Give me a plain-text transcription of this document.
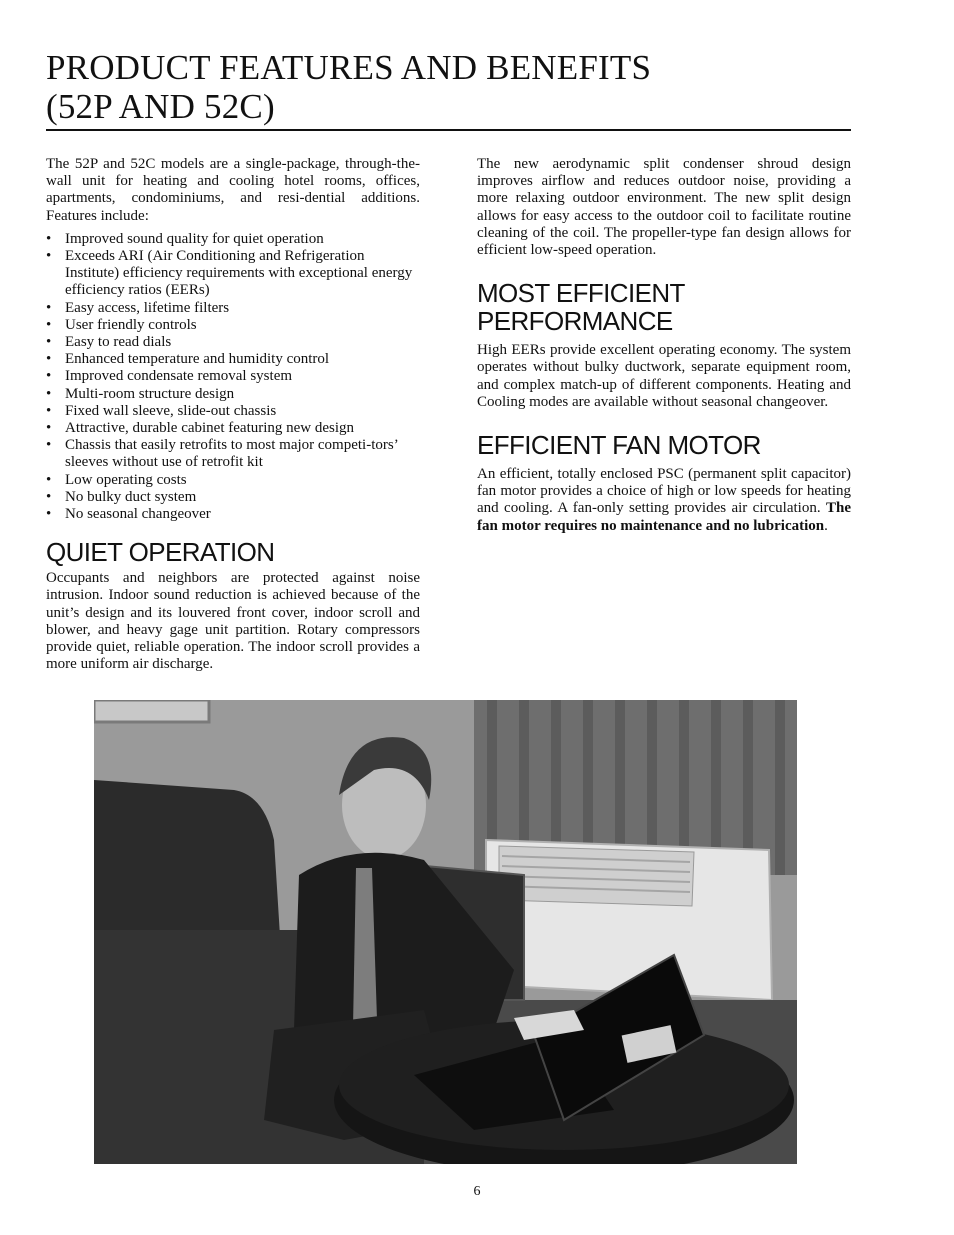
PRODUCT FEATURES AND BENEFITS
(52P AND 52C)

The 52P and 52C models are a single-package, through-the-wall unit for heating and cooling hotel rooms, offices, apartments, condominiums, and resi-dential additions. Features include:

• Improved sound quality for quiet operation
• Exceeds ARI (Air Conditioning and Refrigeration Institute) efficiency requirements with exceptional energy efficiency ratios (EERs)
• Easy access, lifetime filters
• User friendly controls
• Easy to read dials
• Enhanced temperature and humidity control
• Improved condensate removal system
• Multi-room structure design
• Fixed wall sleeve, slide-out chassis
• Attractive, durable cabinet featuring new design
• Chassis that easily retrofits to most major competi-tors’ sleeves without use of retrofit kit
• Low operating costs
• No bulky duct system
• No seasonal changeover
QUIET OPERATION

Occupants and neighbors are protected against noise intrusion. Indoor sound reduction is achieved because of the unit’s design and its louvered front cover, indoor scroll and blower, and heavy gage unit partition. Rotary compressors provide quiet, reliable operation. The indoor scroll provides a more uniform air discharge.

The new aerodynamic split condenser shroud design improves airflow and reduces outdoor noise, providing a more relaxing outdoor environment. The new split design allows for easy access to the outdoor coil to facilitate routine cleaning of the coil. The propeller-type fan design allows for efficient low-speed operation.

MOST EFFICIENT
PERFORMANCE

High EERs provide excellent operating economy. The system operates without bulky ductwork, separate equipment room, and complex match-up of different components. Heating and Cooling modes are available without seasonal changeover.

EFFICIENT FAN MOTOR

An efficient, totally enclosed PSC (permanent split capacitor) fan motor provides a choice of high or low speeds for heating and cooling. A fan-only setting provides air circulation. The fan motor requires no maintenance and no lubrication.

6
